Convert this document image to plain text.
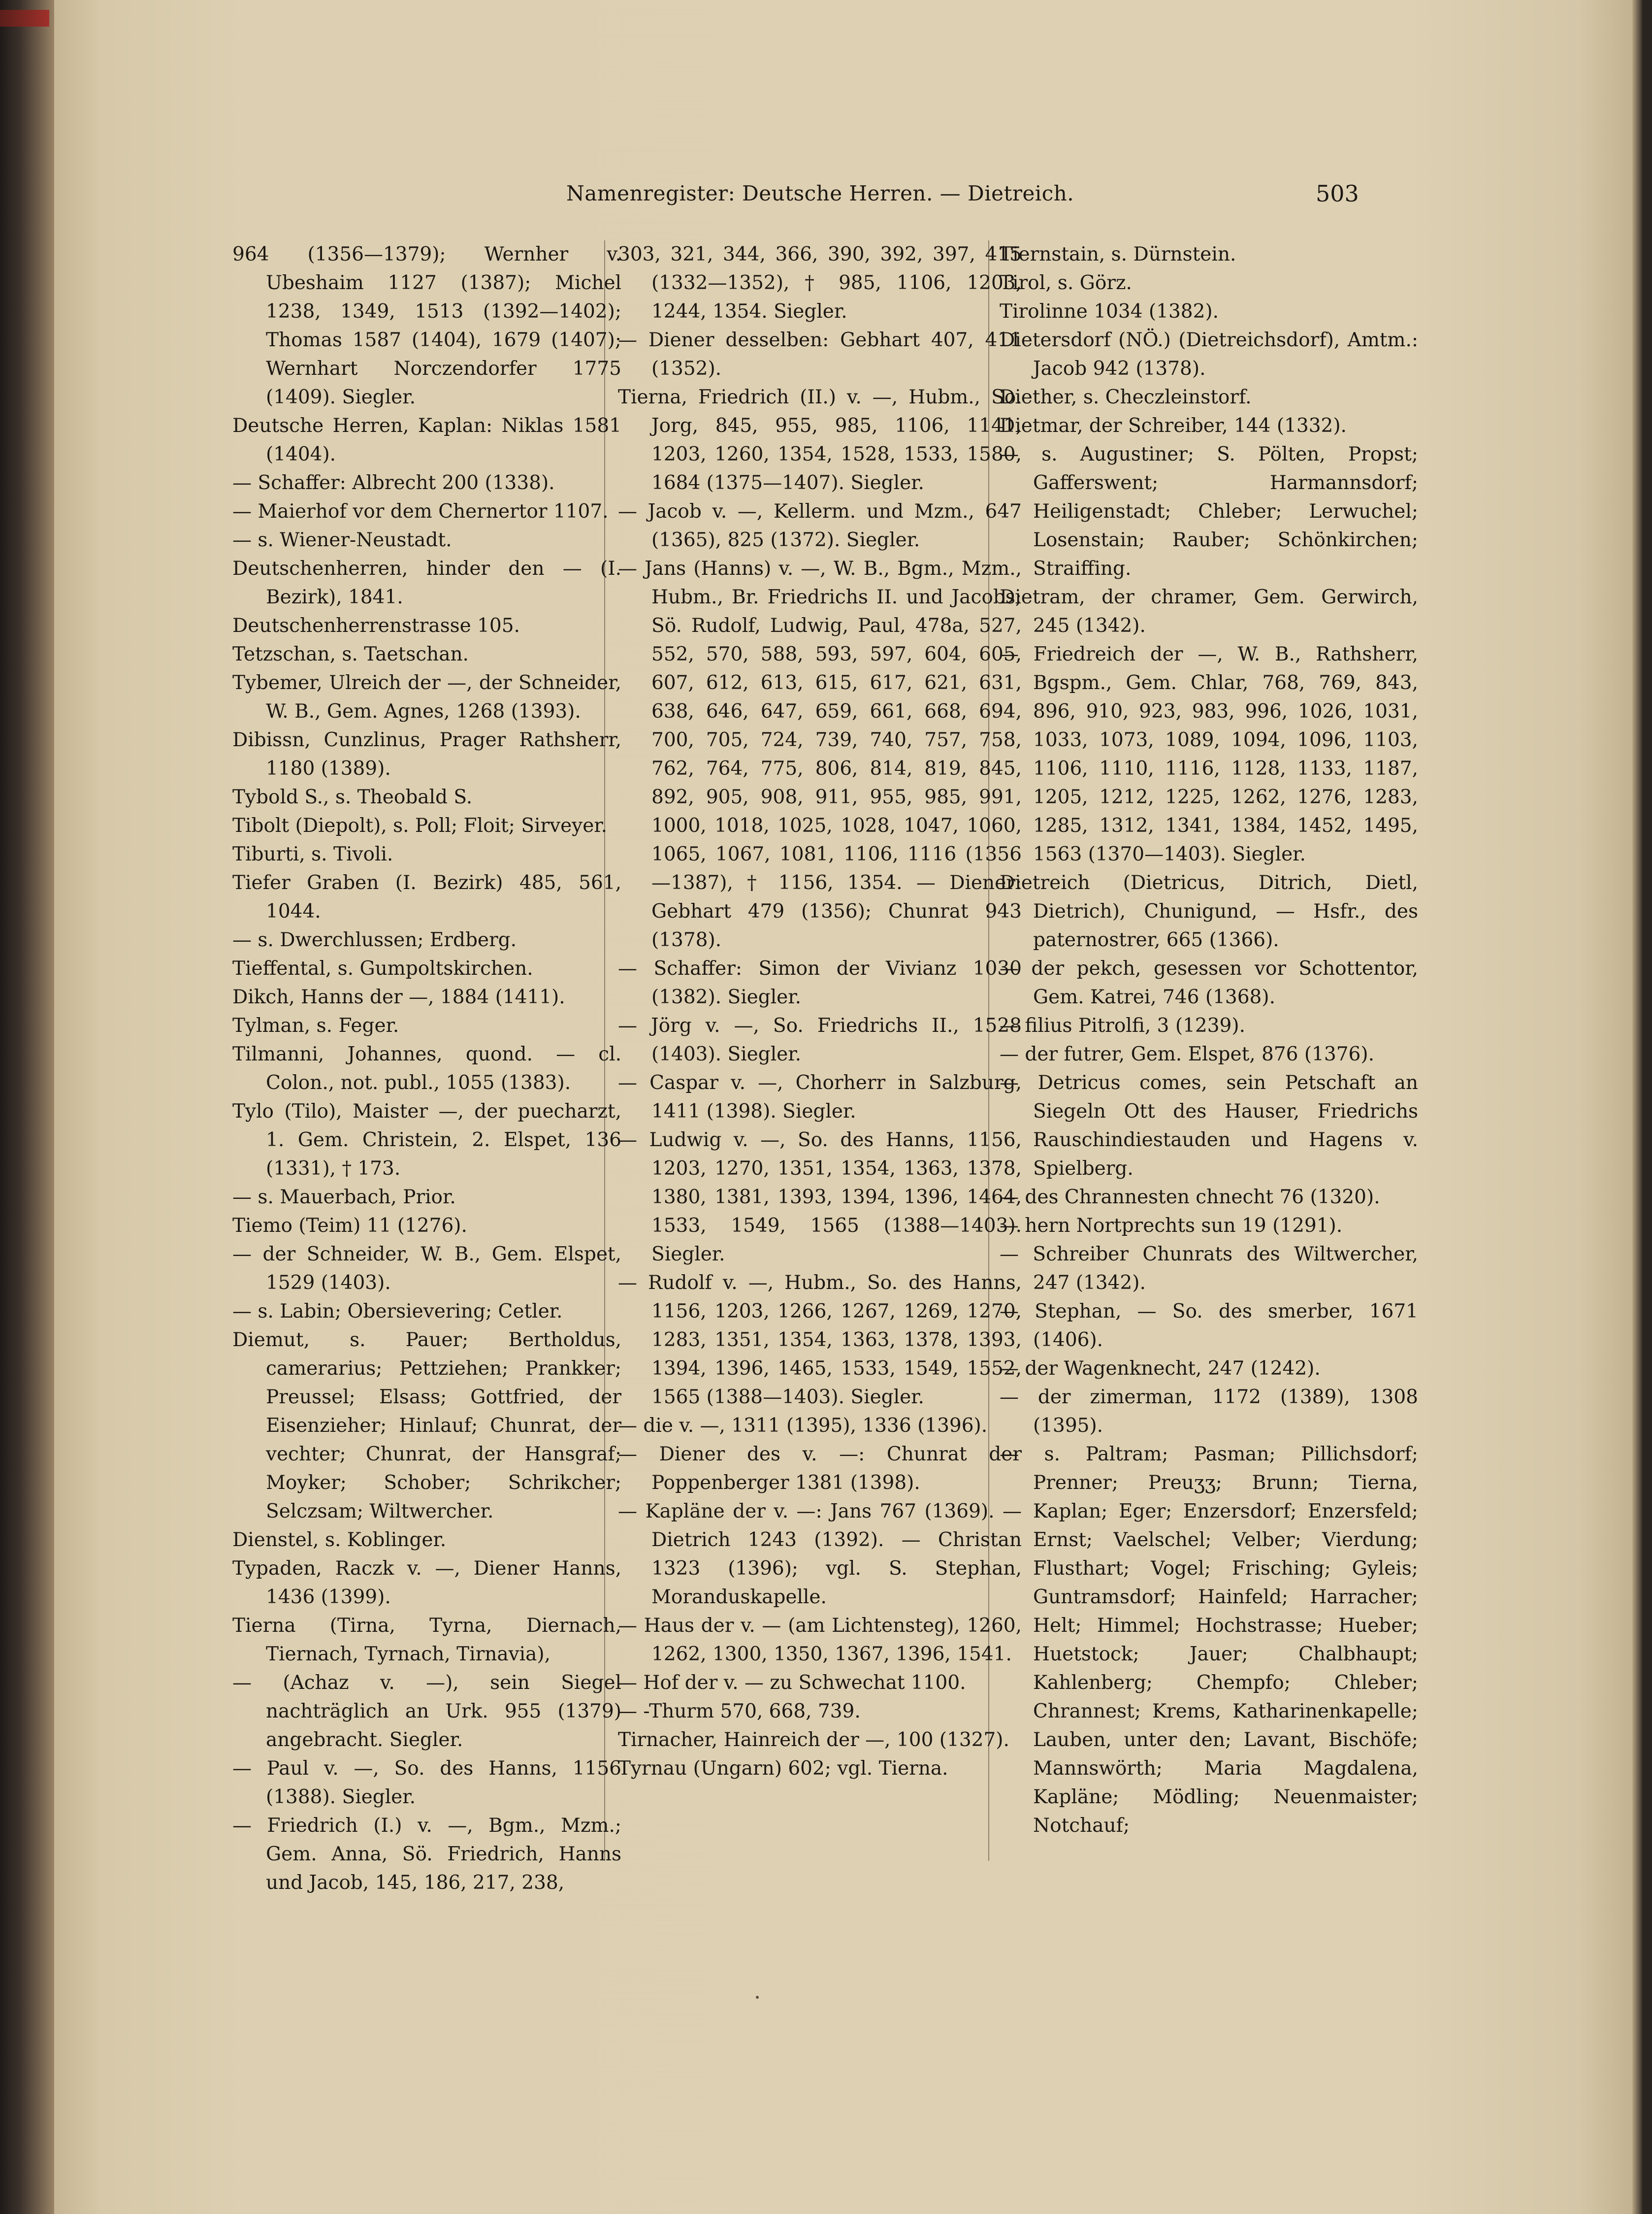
Namenregister: Deutsche Herren. — Dietreich.	503
964 (1356—1379); Wernher v. Ubeshaim 1127 (1387); Michel 1238, 1349, 1513 (1392—1402); Thomas 1587 (1404), 1679 (1407); Wernhart Norczendorfer 1775 (1409). Siegler.
Deutsche Herren, Kaplan: Niklas 1581 (1404).
— Schaffer: Albrecht 200 (1338).
— Maierhof vor dem Chernertor 1107.
— s. Wiener-Neustadt.
Deutschenherren, hinder den — (I. Bezirk), 1841.
Deutschenherrenstrasse 105.
Tetzschan, s. Taetschan.
Tybemer, Ulreich der —, der Schneider, W. B., Gem. Agnes, 1268 (1393).
Dibissn, Cunzlinus, Prager Rathsherr, 1180 (1389).
Tybold S., s. Theobald S.
Tibolt (Diepolt), s. Poll; Floit; Sirveyer.
Tiburti, s. Tivoli.
Tiefer Graben (I. Bezirk) 485, 561, 1044.
— s. Dwerchlussen; Erdberg.
Tieffental, s. Gumpoltskirchen.
Dikch, Hanns der —, 1884 (1411).
Tylman, s. Feger.
Tilmanni, Johannes, quond. — cl. Colon., not. publ., 1055 (1383).
Tylo (Tilo), Maister —, der puecharzt, 1. Gem. Christein, 2. Elspet, 136 (1331), † 173.
— s. Mauerbach, Prior.
Tiemo (Teim) 11 (1276).
— der Schneider, W. B., Gem. Elspet, 1529 (1403).
— s. Labin; Obersievering; Cetler.
Diemut, s. Pauer; Bertholdus, camerarius; Pettziehen; Prankker; Preussel; Elsass; Gottfried, der Eisenzieher; Hinlauf; Chunrat, der vechter; Chunrat, der Hansgraf; Moyker; Schober; Schrikcher; Selczsam; Wiltwercher.
Dienstel, s. Koblinger.
Typaden, Raczk v. —, Diener Hanns, 1436 (1399).
Tierna (Tirna, Tyrna, Diernach, Tiernach, Tyrnach, Tirnavia),
— (Achaz v. —), sein Siegel nachträglich an Urk. 955 (1379) angebracht. Siegler.
— Paul v. —, So. des Hanns, 1156 (1388). Siegler.
— Friedrich (I.) v. —, Bgm., Mzm.; Gem. Anna, Sö. Friedrich, Hanns und Jacob, 145, 186, 217, 238,
303, 321, 344, 366, 390, 392, 397, 415 (1332—1352), † 985, 1106, 1203, 1244, 1354. Siegler.
— Diener desselben: Gebhart 407, 411 (1352).
Tierna, Friedrich (II.) v. —, Hubm., So. Jorg, 845, 955, 985, 1106, 1141, 1203, 1260, 1354, 1528, 1533, 1580, 1684 (1375—1407). Siegler.
— Jacob v. —, Kellerm. und Mzm., 647 (1365), 825 (1372). Siegler.
— Jans (Hanns) v. —, W. B., Bgm., Mzm., Hubm., Br. Friedrichs II. und Jacobs; Sö. Rudolf, Ludwig, Paul, 478a, 527, 552, 570, 588, 593, 597, 604, 605, 607, 612, 613, 615, 617, 621, 631, 638, 646, 647, 659, 661, 668, 694, 700, 705, 724, 739, 740, 757, 758, 762, 764, 775, 806, 814, 819, 845, 892, 905, 908, 911, 955, 985, 991, 1000, 1018, 1025, 1028, 1047, 1060, 1065, 1067, 1081, 1106, 1116 (1356—1387), † 1156, 1354. — Diener: Gebhart 479 (1356); Chunrat 943 (1378).
— Schaffer: Simon der Vivianz 1030 (1382). Siegler.
— Jörg v. —, So. Friedrichs II., 1528 (1403). Siegler.
— Caspar v. —, Chorherr in Salzburg, 1411 (1398). Siegler.
— Ludwig v. —, So. des Hanns, 1156, 1203, 1270, 1351, 1354, 1363, 1378, 1380, 1381, 1393, 1394, 1396, 1464, 1533, 1549, 1565 (1388—1403). Siegler.
— Rudolf v. —, Hubm., So. des Hanns, 1156, 1203, 1266, 1267, 1269, 1270, 1283, 1351, 1354, 1363, 1378, 1393, 1394, 1396, 1465, 1533, 1549, 1552, 1565 (1388—1403). Siegler.
— die v. —, 1311 (1395), 1336 (1396).
— Diener des v. —: Chunrat der Poppenberger 1381 (1398).
— Kapläne der v. —: Jans 767 (1369). — Dietrich 1243 (1392). — Christan 1323 (1396); vgl. S. Stephan, Moranduskapelle.
— Haus der v. — (am Lichtensteg), 1260, 1262, 1300, 1350, 1367, 1396, 1541.
— Hof der v. — zu Schwechat 1100.
— -Thurm 570, 668, 739.
Tirnacher, Hainreich der —, 100 (1327).
Tyrnau (Ungarn) 602; vgl. Tierna.
Tiernstain, s. Dürnstein.
Tirol, s. Görz.
Tirolinne 1034 (1382).
Dietersdorf (NÖ.) (Dietreichsdorf), Amtm.: Jacob 942 (1378).
Diether, s. Checzleinstorf.
Dietmar, der Schreiber, 144 (1332).
— s. Augustiner; S. Pölten, Propst; Gafferswent; Harmannsdorf; Heiligenstadt; Chleber; Lerwuchel; Losenstain; Rauber; Schönkirchen; Straiffing.
Dietram, der chramer, Gem. Gerwirch, 245 (1342).
— Friedreich der —, W. B., Rathsherr, Bgspm., Gem. Chlar, 768, 769, 843, 896, 910, 923, 983, 996, 1026, 1031, 1033, 1073, 1089, 1094, 1096, 1103, 1106, 1110, 1116, 1128, 1133, 1187, 1205, 1212, 1225, 1262, 1276, 1283, 1285, 1312, 1341, 1384, 1452, 1495, 1563 (1370—1403). Siegler.
Dietreich (Dietricus, Ditrich, Dietl, Dietrich), Chunigund, — Hsfr., des paternostrer, 665 (1366).
— der pekch, gesessen vor Schottentor, Gem. Katrei, 746 (1368).
— filius Pitrolfi, 3 (1239).
— der futrer, Gem. Elspet, 876 (1376).
— Detricus comes, sein Petschaft an Siegeln Ott des Hauser, Friedrichs Rauschindiestauden und Hagens v. Spielberg.
— des Chrannesten chnecht 76 (1320).
— hern Nortprechts sun 19 (1291).
— Schreiber Chunrats des Wiltwercher, 247 (1342).
— Stephan, — So. des smerber, 1671 (1406).
— der Wagenknecht, 247 (1242).
— der zimerman, 1172 (1389), 1308 (1395).
— s. Paltram; Pasman; Pillichsdorf; Prenner; Preuʒʒ; Brunn; Tierna, Kaplan; Eger; Enzersdorf; Enzersfeld; Ernst; Vaelschel; Velber; Vierdung; Flusthart; Vogel; Frisching; Gyleis; Guntramsdorf; Hainfeld; Harracher; Helt; Himmel; Hochstrasse; Hueber; Huetstock; Jauer; Chalbhaupt; Kahlenberg; Chempfo; Chleber; Chrannest; Krems, Katharinenkapelle; Lauben, unter den; Lavant, Bischöfe; Mannswörth; Maria Magdalena, Kapläne; Mödling; Neuenmaister; Notchauf;
